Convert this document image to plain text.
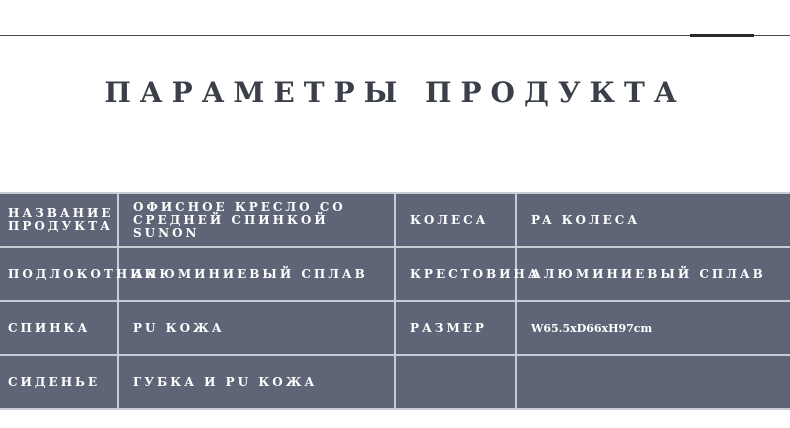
ПАРАМЕТРЫ ПРОДУКТА
НАЗВАНИЕ ПРОДУКТА	ОФИСНОЕ КРЕСЛО СО СРЕДНЕЙ СПИНКОЙ SUNON	КОЛЕСА	PA КОЛЕСА
ПОДЛОКОТНИК	АЛЮМИНИЕВЫЙ СПЛАВ	КРЕСТОВИНА	АЛЮМИНИЕВЫЙ СПЛАВ
СПИНКА	PU КОЖА	РАЗМЕР	W65.5xD66xH97cm
СИДЕНЬЕ	ГУБКА И PU КОЖА		
